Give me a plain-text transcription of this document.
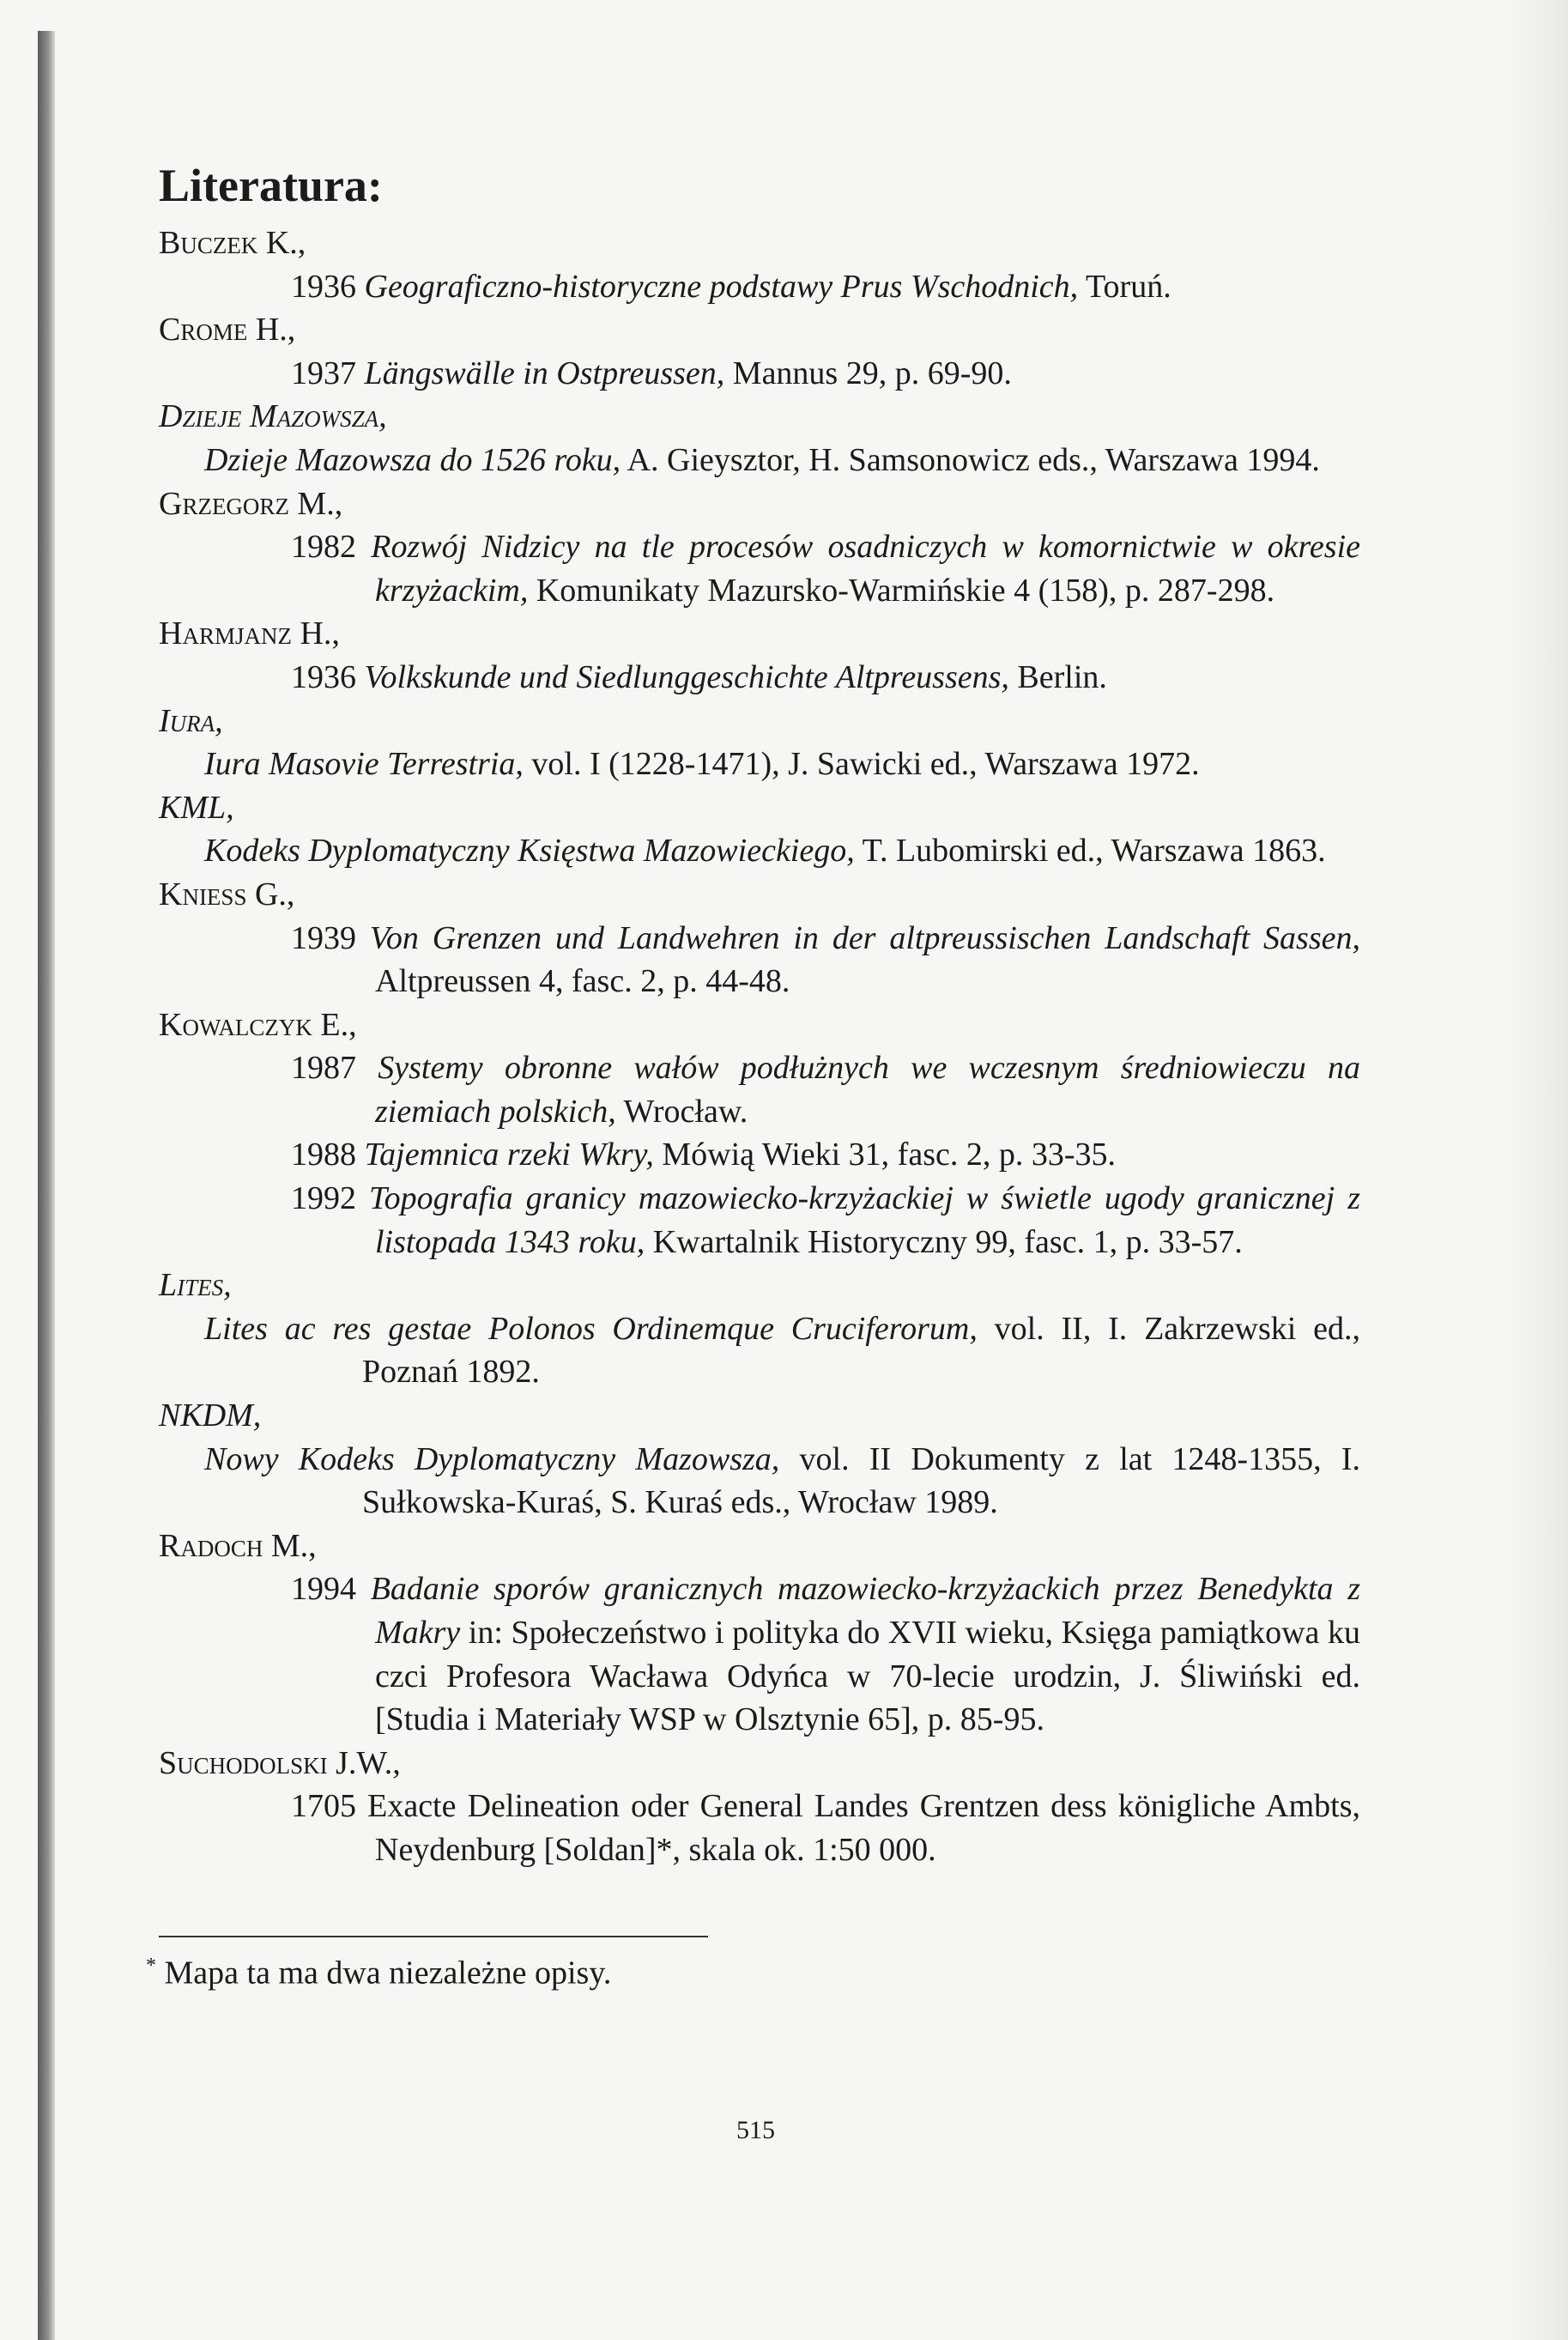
Literatura:

Buczek K.,

1936 Geograficzno-historyczne podstawy Prus Wschodnich, Toruń.

Crome H.,

1937 Längswälle in Ostpreussen, Mannus 29, p. 69-90.

Dzieje Mazowsza,

Dzieje Mazowsza do 1526 roku, A. Gieysztor, H. Samsonowicz eds., Warszawa 1994.

Grzegorz M.,

1982 Rozwój Nidzicy na tle procesów osadniczych w komornictwie w okresie krzyżackim, Komunikaty Mazursko-Warmińskie 4 (158), p. 287-298.

Harmjanz H.,

1936 Volkskunde und Siedlunggeschichte Altpreussens, Berlin.

Iura,

Iura Masovie Terrestria, vol. I (1228-1471), J. Sawicki ed., Warszawa 1972.

KML,

Kodeks Dyplomatyczny Księstwa Mazowieckiego, T. Lubomirski ed., Warszawa 1863.

Kniess G.,

1939 Von Grenzen und Landwehren in der altpreussischen Landschaft Sassen, Altpreussen 4, fasc. 2, p. 44-48.

Kowalczyk E.,

1987 Systemy obronne wałów podłużnych we wczesnym średniowieczu na ziemiach polskich, Wrocław.

1988 Tajemnica rzeki Wkry, Mówią Wieki 31, fasc. 2, p. 33-35.

1992 Topografia granicy mazowiecko-krzyżackiej w świetle ugody granicznej z listopada 1343 roku, Kwartalnik Historyczny 99, fasc. 1, p. 33-57.

Lites,

Lites ac res gestae Polonos Ordinemque Cruciferorum, vol. II, I. Zakrzewski ed., Poznań 1892.

NKDM,

Nowy Kodeks Dyplomatyczny Mazowsza, vol. II Dokumenty z lat 1248-1355, I. Sułkowska-Kuraś, S. Kuraś eds., Wrocław 1989.

Radoch M.,

1994 Badanie sporów granicznych mazowiecko-krzyżackich przez Benedykta z Makry in: Społeczeństwo i polityka do XVII wieku, Księga pamiątkowa ku czci Profesora Wacława Odyńca w 70-lecie urodzin, J. Śliwiński ed. [Studia i Materiały WSP w Olsztynie 65], p. 85-95.

Suchodolski J.W.,

1705 Exacte Delineation oder General Landes Grentzen dess königliche Ambts, Neydenburg [Soldan]*, skala ok. 1:50 000.

* Mapa ta ma dwa niezależne opisy.
515
